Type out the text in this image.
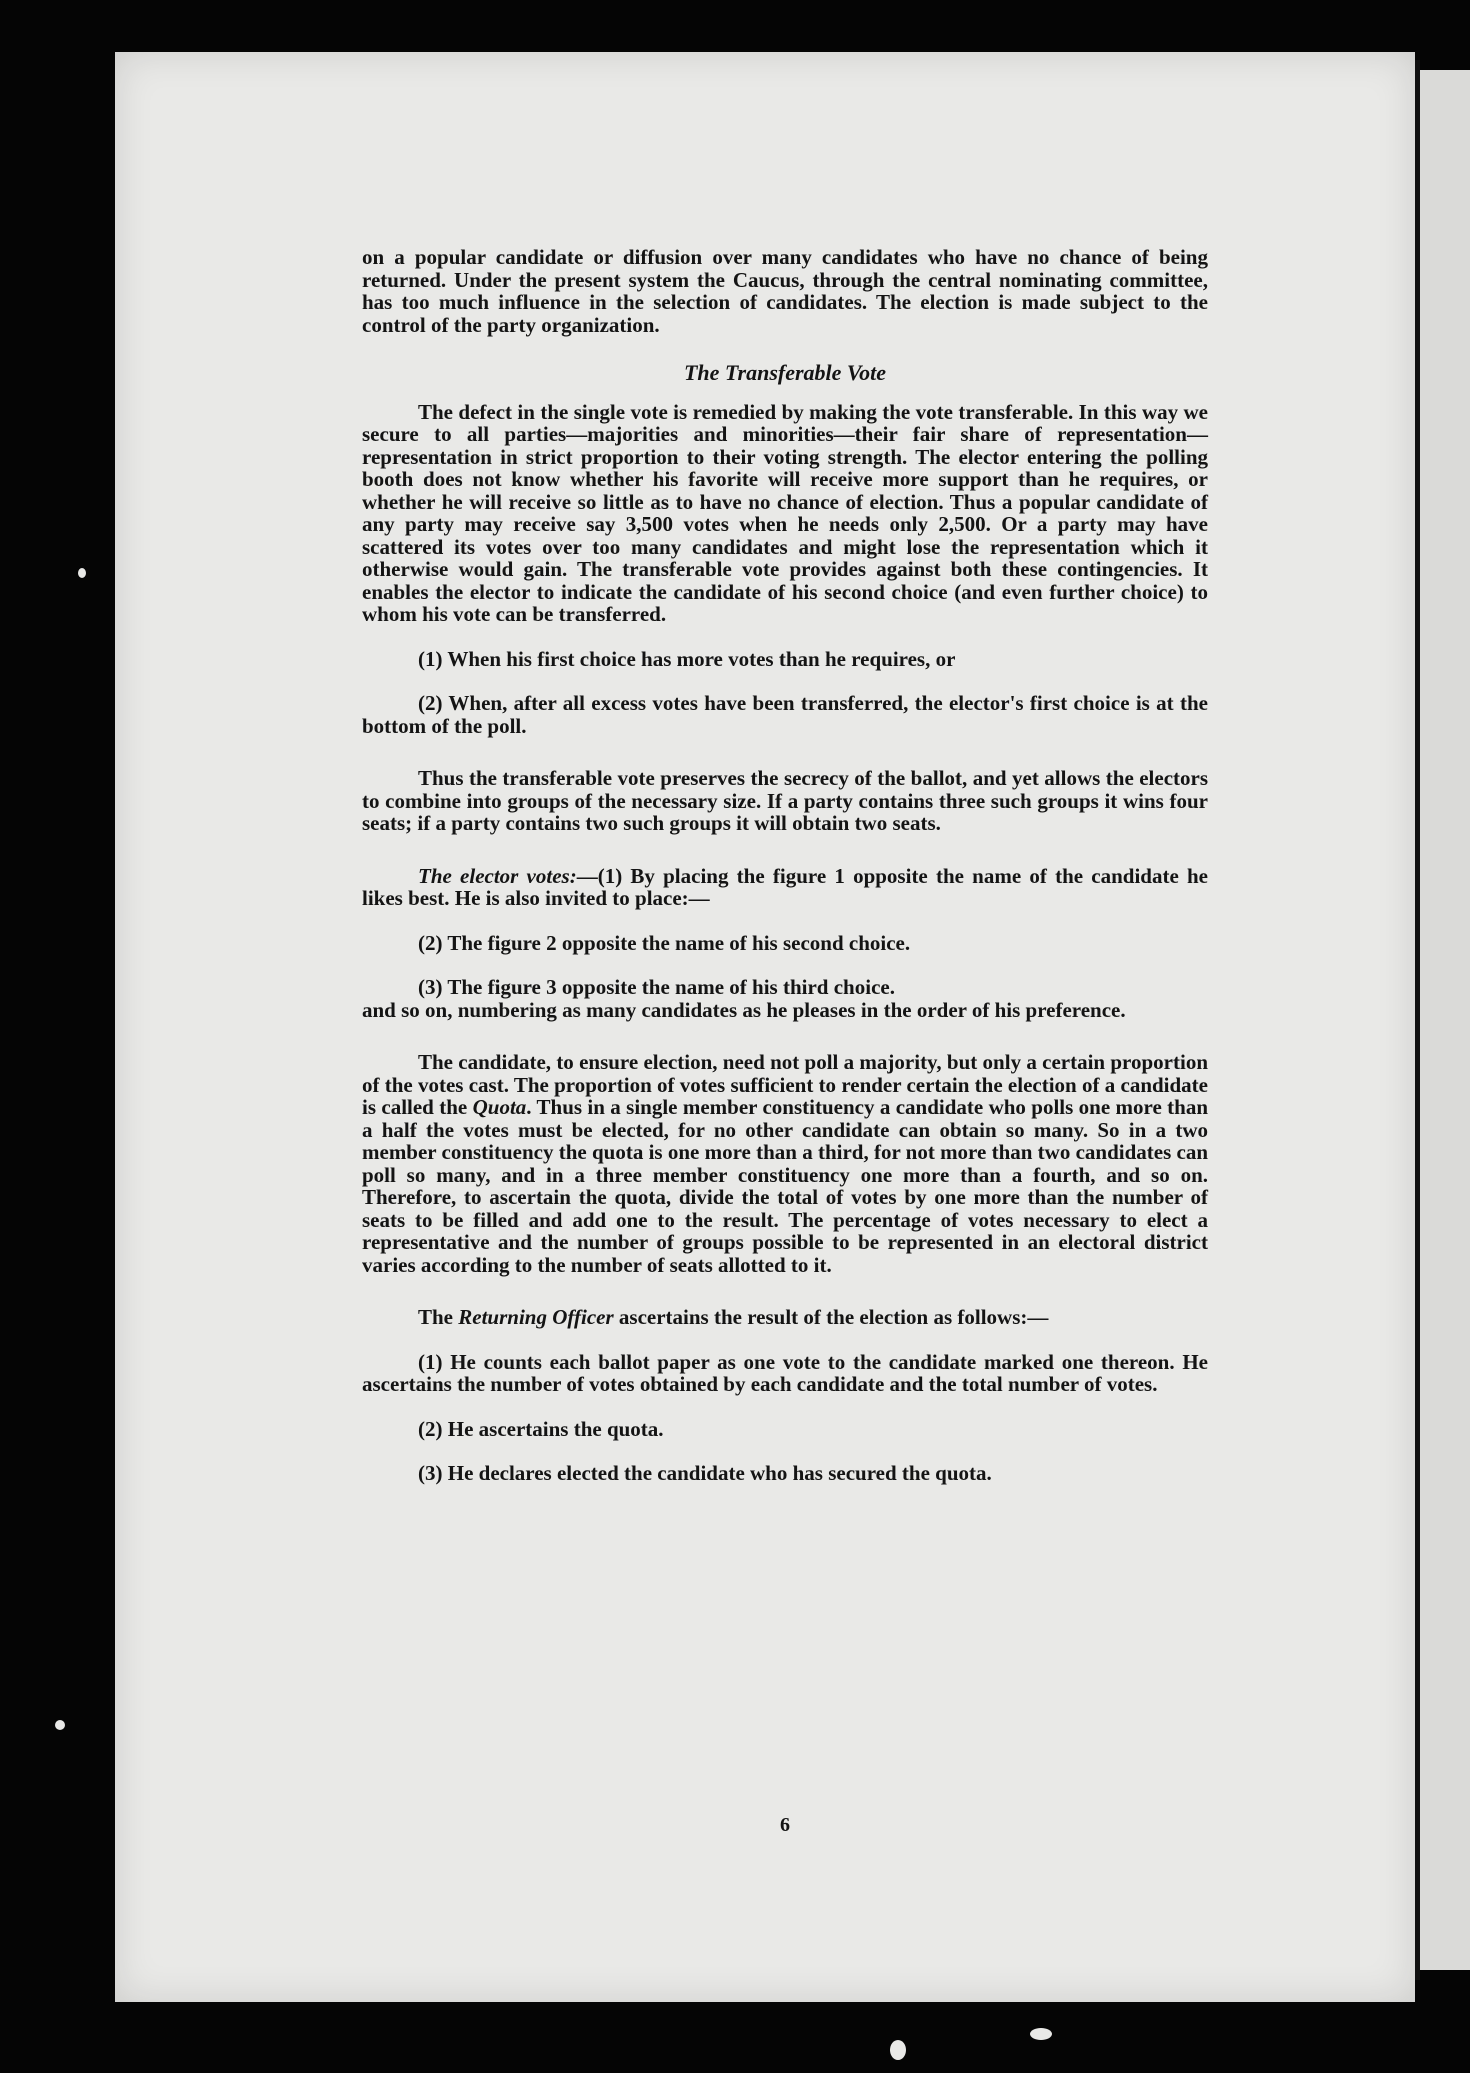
on a popular candidate or diffusion over many candidates who have no chance of being returned. Under the present system the Caucus, through the central nominating committee, has too much influence in the selection of candidates. The election is made subject to the control of the party organization.

The Transferable Vote

The defect in the single vote is remedied by making the vote transferable. In this way we secure to all parties—majorities and minorities—their fair share of representation—representation in strict proportion to their voting strength. The elector entering the polling booth does not know whether his favorite will receive more support than he requires, or whether he will receive so little as to have no chance of election. Thus a popular candidate of any party may receive say 3,500 votes when he needs only 2,500. Or a party may have scattered its votes over too many candidates and might lose the representation which it otherwise would gain. The transferable vote provides against both these contingencies. It enables the elector to indicate the candidate of his second choice (and even further choice) to whom his vote can be transferred.

(1) When his first choice has more votes than he requires, or

(2) When, after all excess votes have been transferred, the elector's first choice is at the bottom of the poll.

Thus the transferable vote preserves the secrecy of the ballot, and yet allows the electors to combine into groups of the necessary size. If a party contains three such groups it wins four seats; if a party contains two such groups it will obtain two seats.

The elector votes:—(1) By placing the figure 1 opposite the name of the candidate he likes best. He is also invited to place:—

(2) The figure 2 opposite the name of his second choice.

(3) The figure 3 opposite the name of his third choice.

and so on, numbering as many candidates as he pleases in the order of his preference.

The candidate, to ensure election, need not poll a majority, but only a certain proportion of the votes cast. The proportion of votes sufficient to render certain the election of a candidate is called the Quota. Thus in a single member constituency a candidate who polls one more than a half the votes must be elected, for no other candidate can obtain so many. So in a two member constituency the quota is one more than a third, for not more than two candidates can poll so many, and in a three member constituency one more than a fourth, and so on. Therefore, to ascertain the quota, divide the total of votes by one more than the number of seats to be filled and add one to the result. The percentage of votes necessary to elect a representative and the number of groups possible to be represented in an electoral district varies according to the number of seats allotted to it.

The Returning Officer ascertains the result of the election as follows:—

(1) He counts each ballot paper as one vote to the candidate marked one thereon. He ascertains the number of votes obtained by each candidate and the total number of votes.

(2) He ascertains the quota.

(3) He declares elected the candidate who has secured the quota.

6
